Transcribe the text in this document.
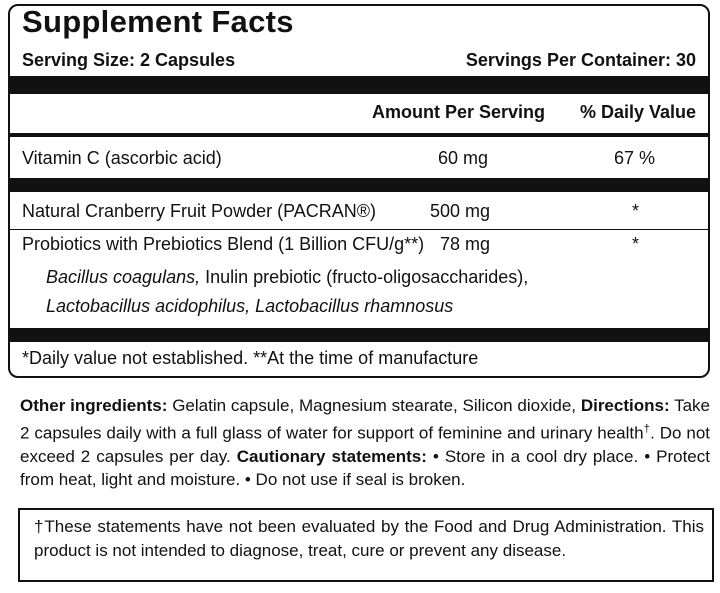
Supplement Facts
Serving Size: 2 Capsules	Servings Per Container: 30
Amount Per Serving % Daily Value
Vitamin C (ascorbic acid)	60 mg	67 %
Natural Cranberry Fruit Powder (PACRAN®)	500 mg	*
Probiotics with Prebiotics Blend (1 Billion CFU/g**) 78 mg	*
Bacillus coagulans, Inulin prebiotic (fructo-oligosaccharides),
Lactobacillus acidophilus, Lactobacillus rhamnosus
*Daily value not established. **At the time of manufacture
Other ingredients: Gelatin capsule, Magnesium stearate, Silicon dioxide, Directions: Take 2 capsules daily with a full glass of water for support of feminine and urinary health†. Do not exceed 2 capsules per day. Cautionary statements: • Store in a cool dry place. • Protect from heat, light and moisture. • Do not use if seal is broken.
†These statements have not been evaluated by the Food and Drug Administration. This product is not intended to diagnose, treat, cure or prevent any disease.
